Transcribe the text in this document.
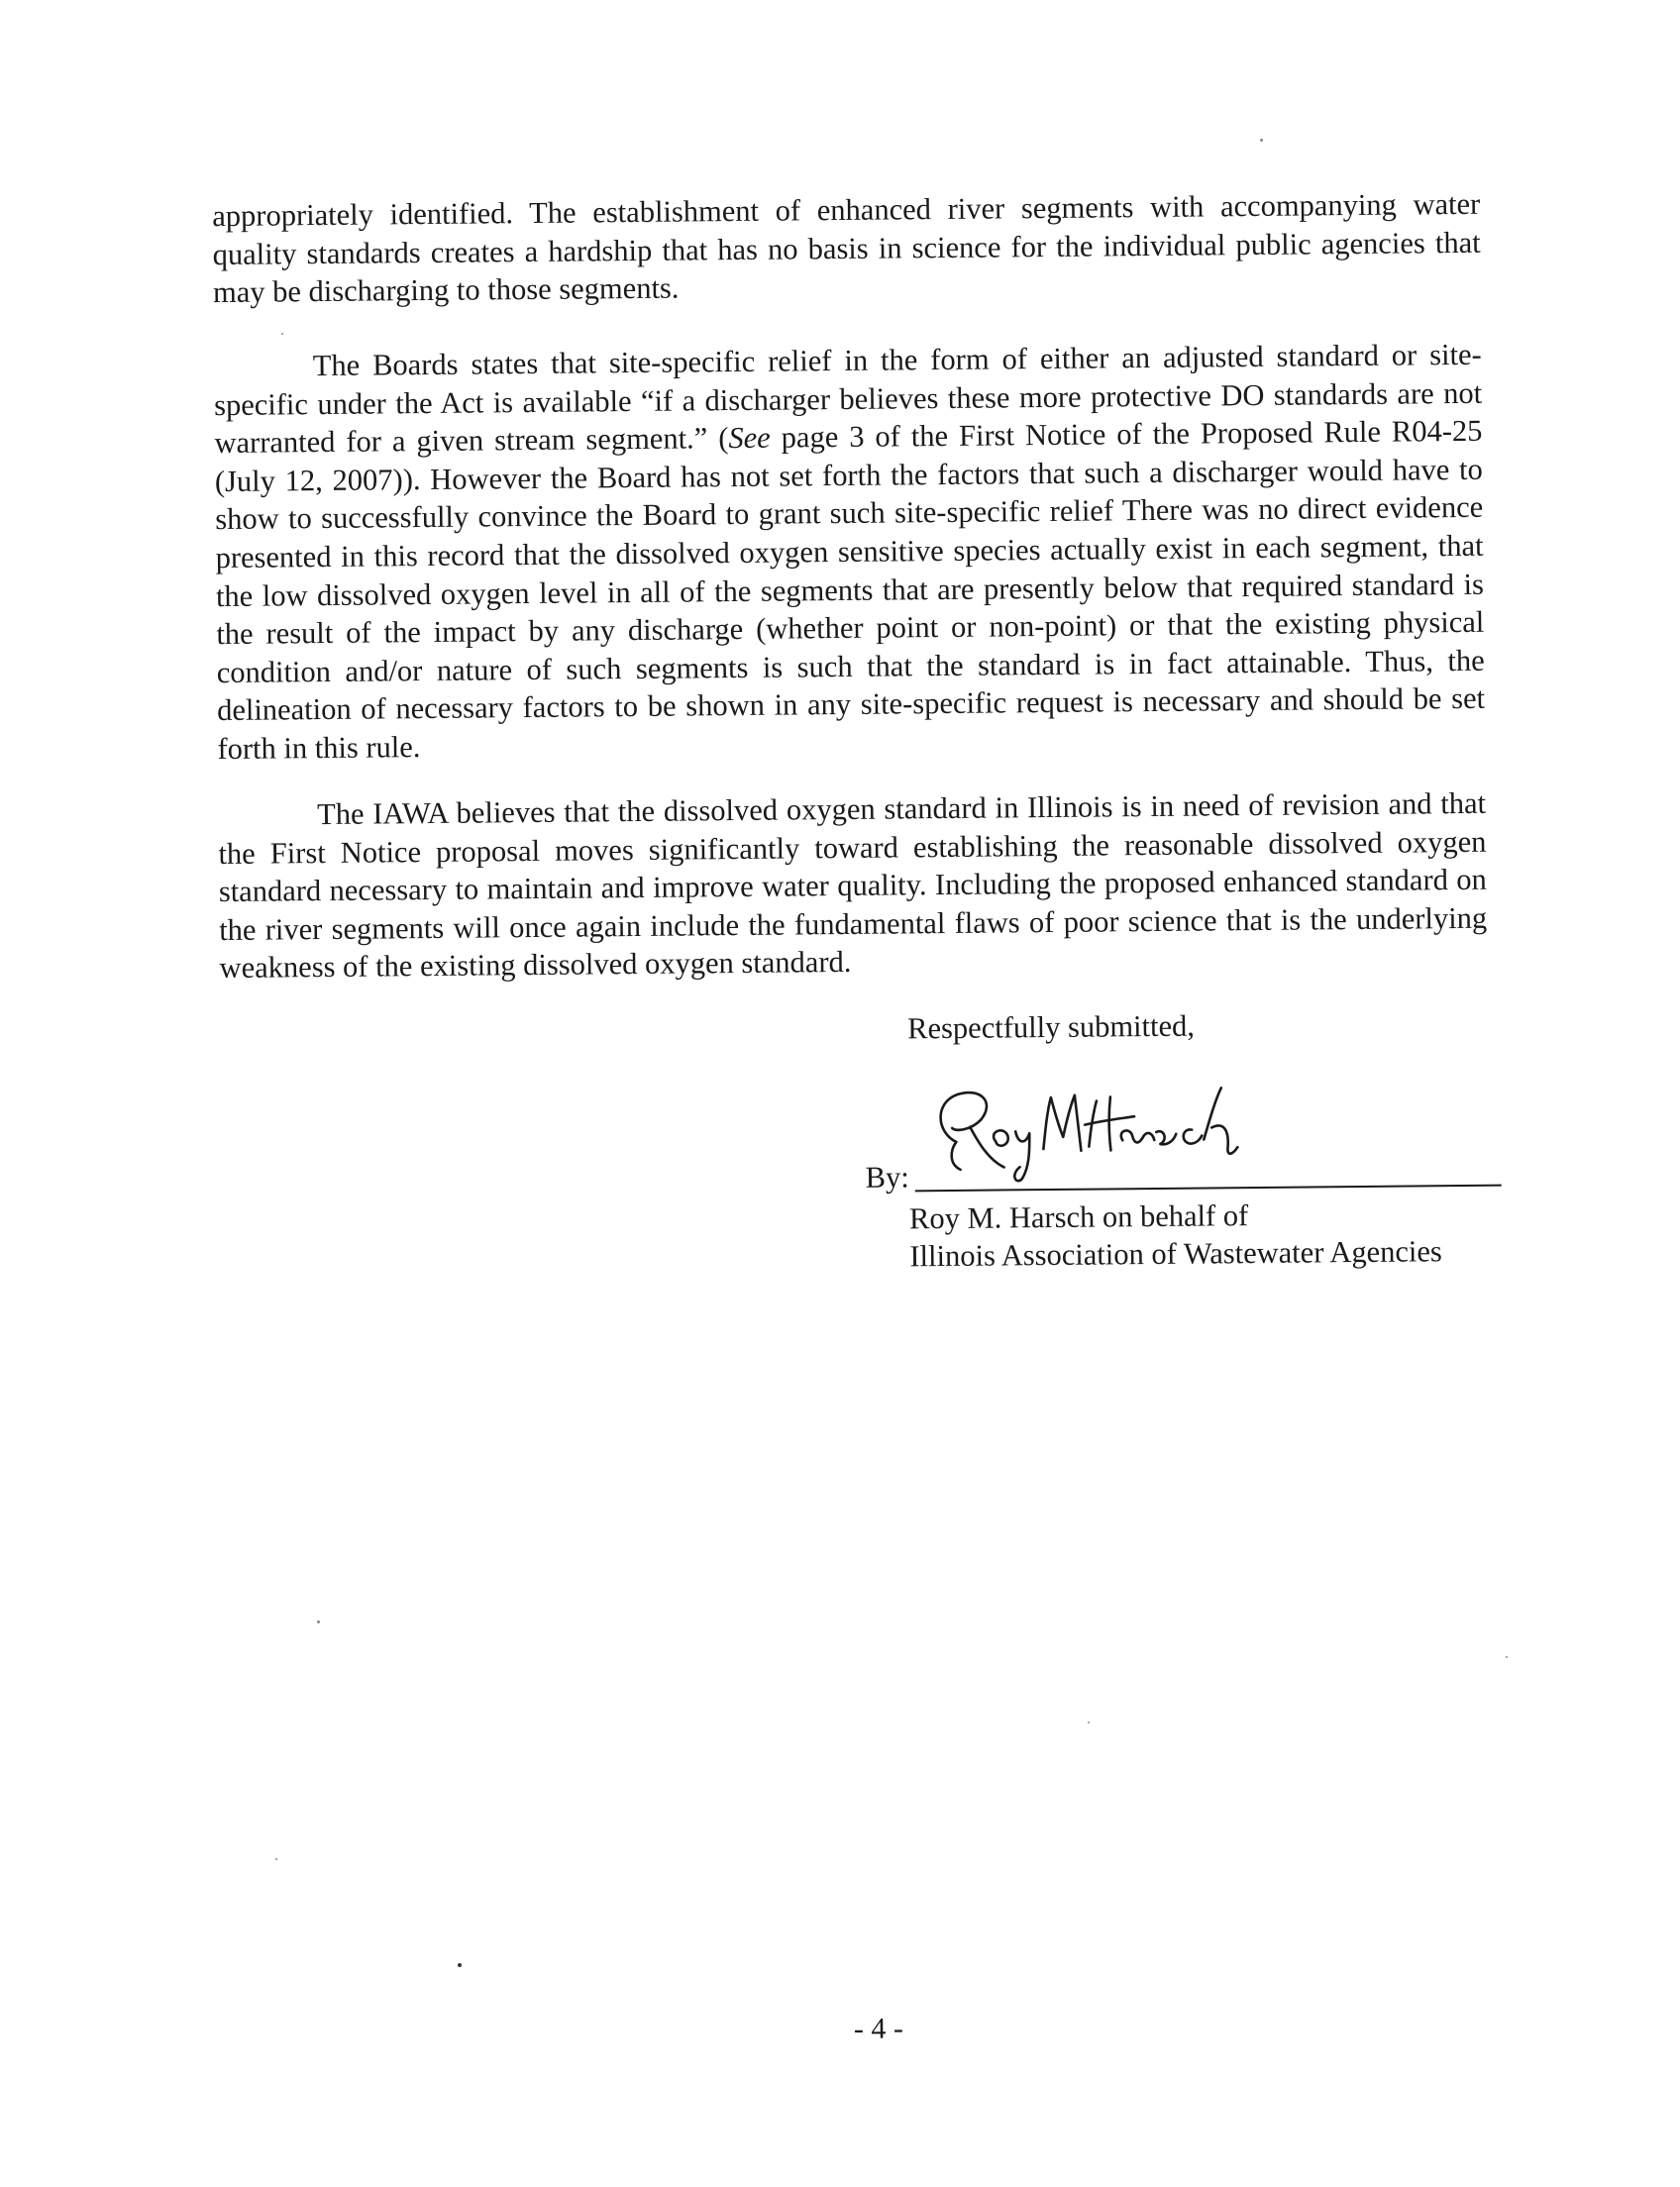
appropriately identified. The establishment of enhanced river segments with accompanying water quality standards creates a hardship that has no basis in science for the individual public agencies that may be discharging to those segments.

The Boards states that site-specific relief in the form of either an adjusted standard or site-specific under the Act is available “if a discharger believes these more protective DO standards are not warranted for a given stream segment.” (See page 3 of the First Notice of the Proposed Rule R04-25 (July 12, 2007)). However the Board has not set forth the factors that such a discharger would have to show to successfully convince the Board to grant such site-specific relief There was no direct evidence presented in this record that the dissolved oxygen sensitive species actually exist in each segment, that the low dissolved oxygen level in all of the segments that are presently below that required standard is the result of the impact by any discharge (whether point or non-point) or that the existing physical condition and/or nature of such segments is such that the standard is in fact attainable. Thus, the delineation of necessary factors to be shown in any site-specific request is necessary and should be set forth in this rule.

The IAWA believes that the dissolved oxygen standard in Illinois is in need of revision and that the First Notice proposal moves significantly toward establishing the reasonable dissolved oxygen standard necessary to maintain and improve water quality. Including the proposed enhanced standard on the river segments will once again include the fundamental flaws of poor science that is the underlying weakness of the existing dissolved oxygen standard.

Respectfully submitted,

By:

Roy M. Harsch on behalf of
Illinois Association of Wastewater Agencies

- 4 -
